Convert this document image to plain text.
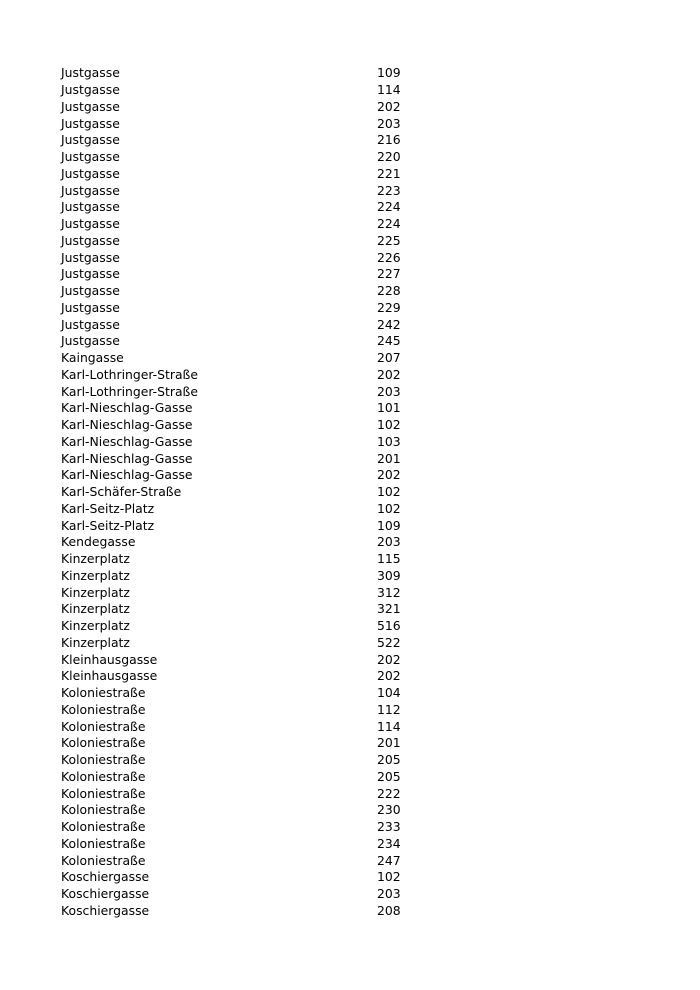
Justgasse	109
Justgasse	114
Justgasse	202
Justgasse	203
Justgasse	216
Justgasse	220
Justgasse	221
Justgasse	223
Justgasse	224
Justgasse	224
Justgasse	225
Justgasse	226
Justgasse	227
Justgasse	228
Justgasse	229
Justgasse	242
Justgasse	245
Kaingasse	207
Karl-Lothringer-Straße	202
Karl-Lothringer-Straße	203
Karl-Nieschlag-Gasse	101
Karl-Nieschlag-Gasse	102
Karl-Nieschlag-Gasse	103
Karl-Nieschlag-Gasse	201
Karl-Nieschlag-Gasse	202
Karl-Schäfer-Straße	102
Karl-Seitz-Platz	102
Karl-Seitz-Platz	109
Kendegasse	203
Kinzerplatz	115
Kinzerplatz	309
Kinzerplatz	312
Kinzerplatz	321
Kinzerplatz	516
Kinzerplatz	522
Kleinhausgasse	202
Kleinhausgasse	202
Koloniestraße	104
Koloniestraße	112
Koloniestraße	114
Koloniestraße	201
Koloniestraße	205
Koloniestraße	205
Koloniestraße	222
Koloniestraße	230
Koloniestraße	233
Koloniestraße	234
Koloniestraße	247
Koschiergasse	102
Koschiergasse	203
Koschiergasse	208
